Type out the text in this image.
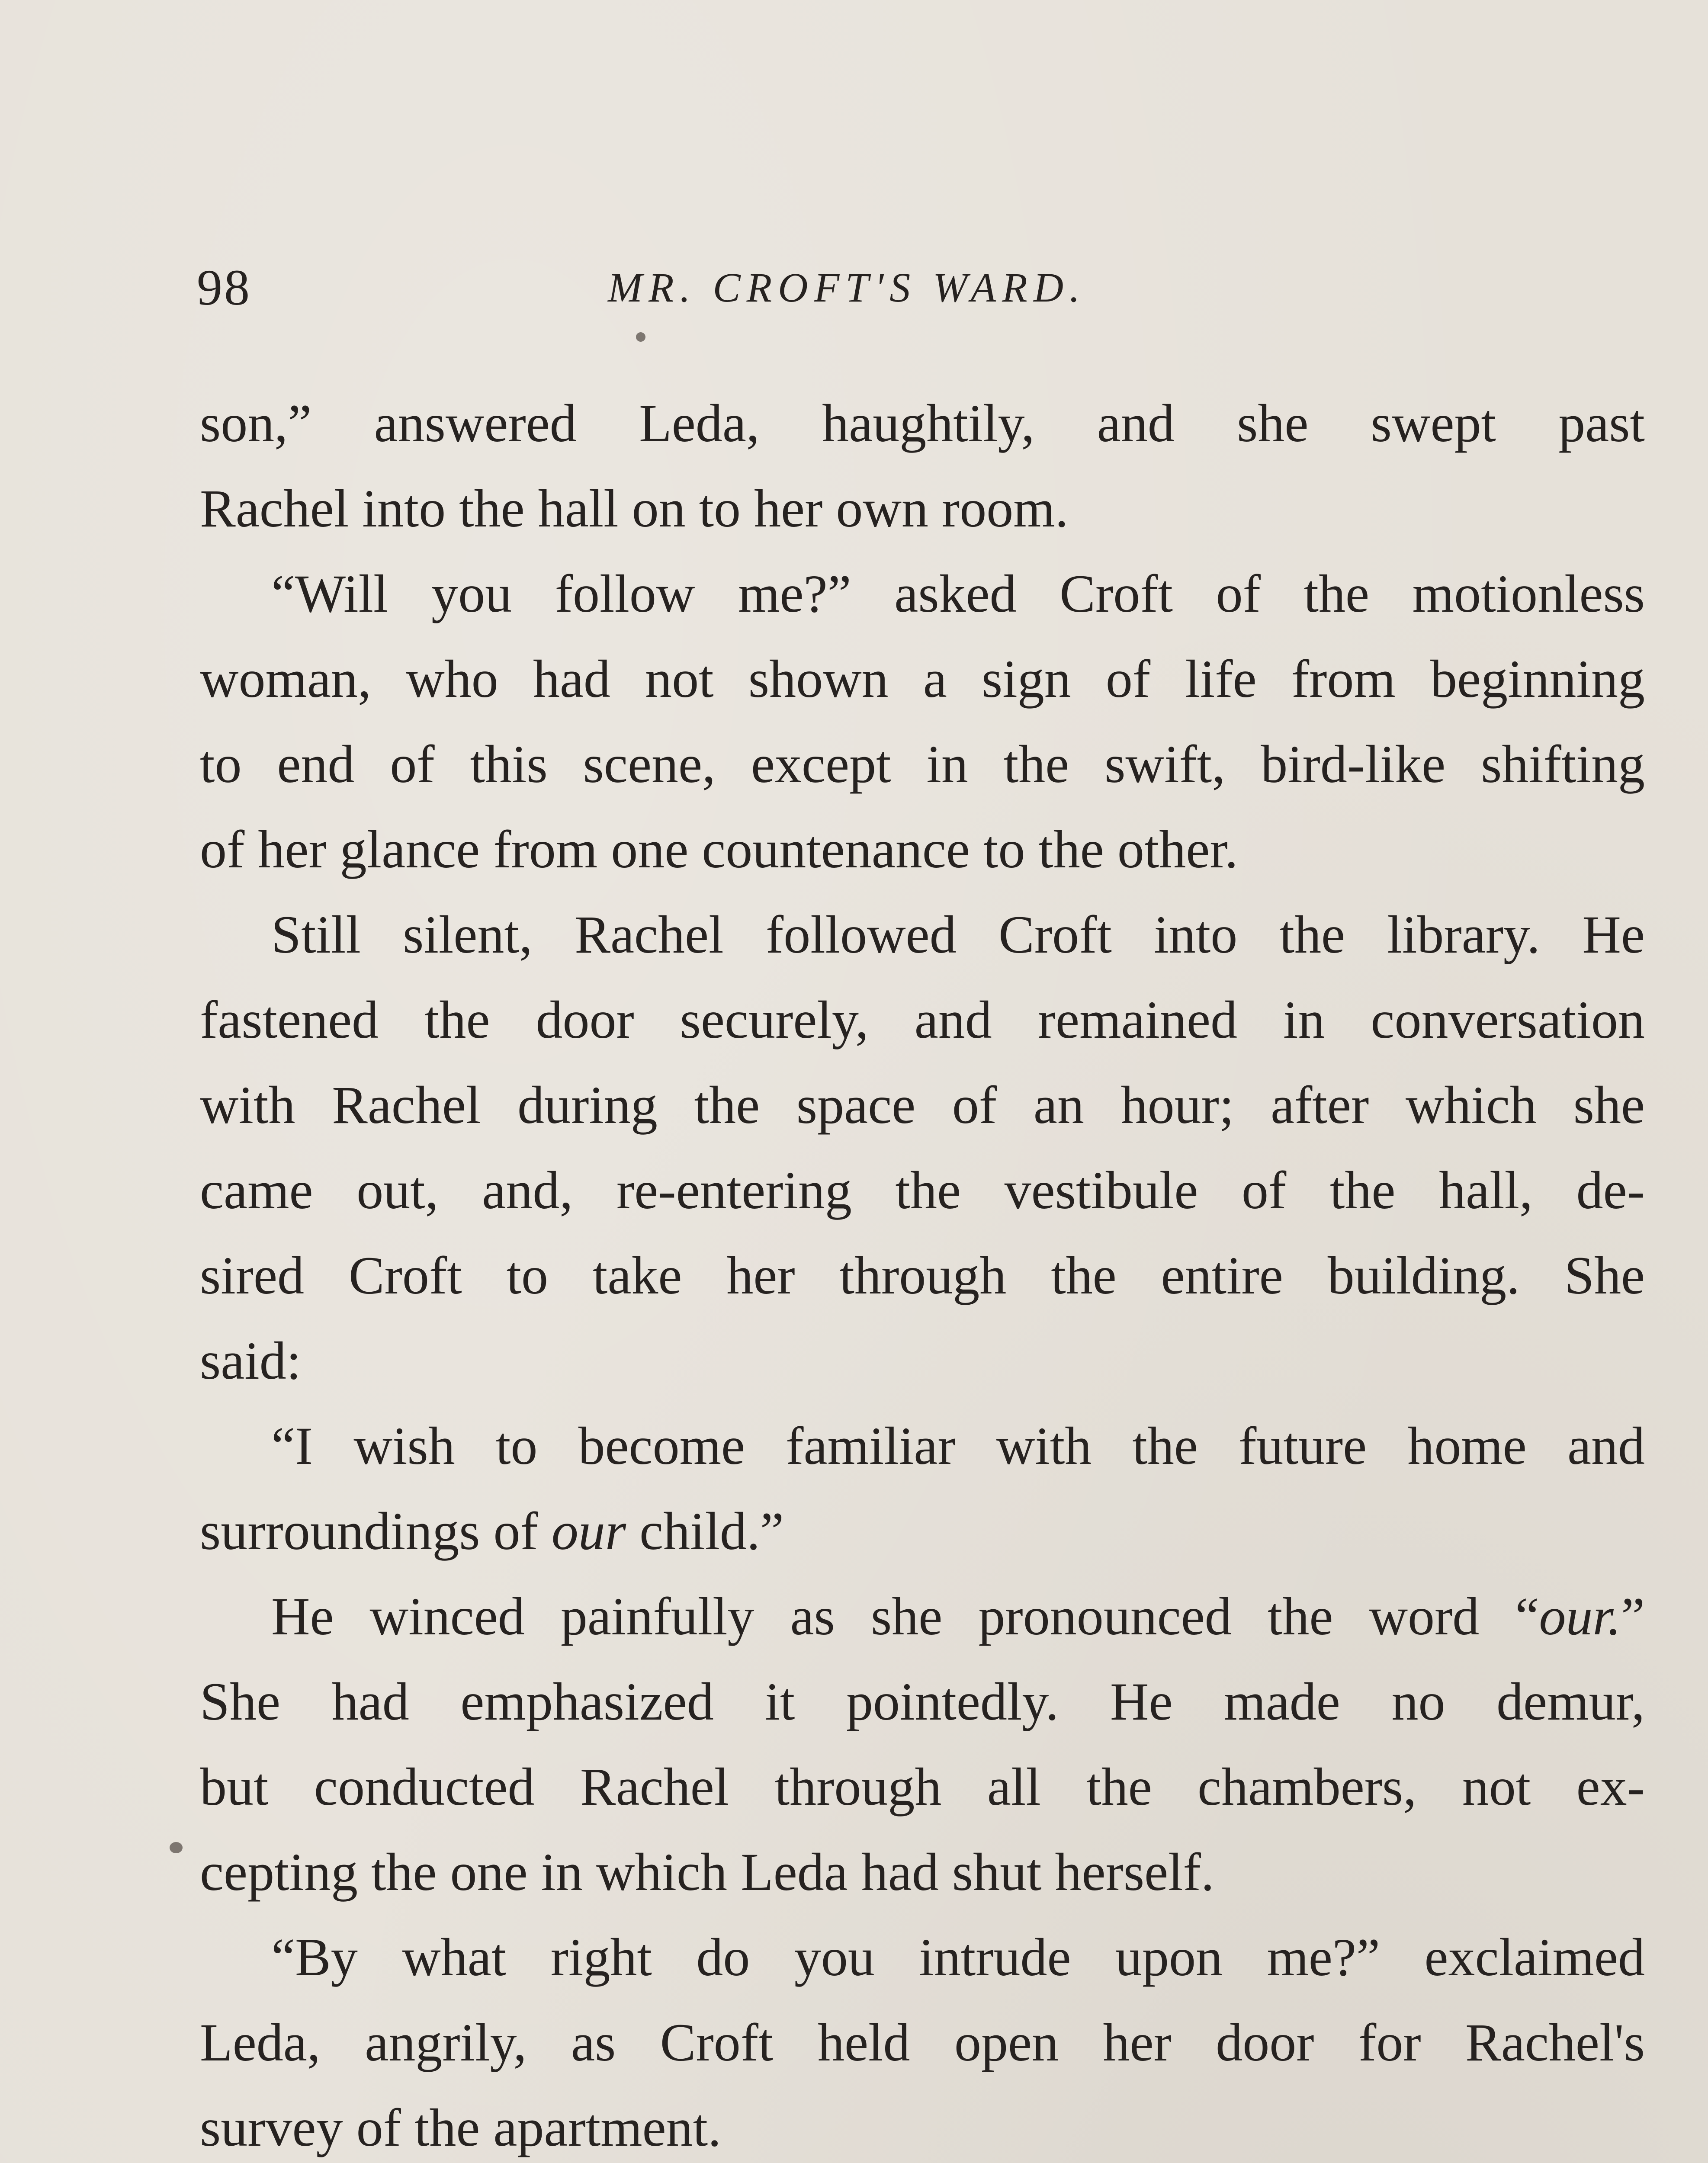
98	MR. CROFT'S WARD.
son,” answered Leda, haughtily, and she swept past
Rachel into the hall on to her own room.
“Will you follow me?” asked Croft of the motionless
woman, who had not shown a sign of life from beginning
to end of this scene, except in the swift, bird-like shifting
of her glance from one countenance to the other.
Still silent, Rachel followed Croft into the library. He
fastened the door securely, and remained in conversation
with Rachel during the space of an hour; after which she
came out, and, re-entering the vestibule of the hall, de-
sired Croft to take her through the entire building. She
said:
“I wish to become familiar with the future home and
surroundings of our child.”
He winced painfully as she pronounced the word “our.”
She had emphasized it pointedly. He made no demur,
but conducted Rachel through all the chambers, not ex-
cepting the one in which Leda had shut herself.
“By what right do you intrude upon me?” exclaimed
Leda, angrily, as Croft held open her door for Rachel's
survey of the apartment.
